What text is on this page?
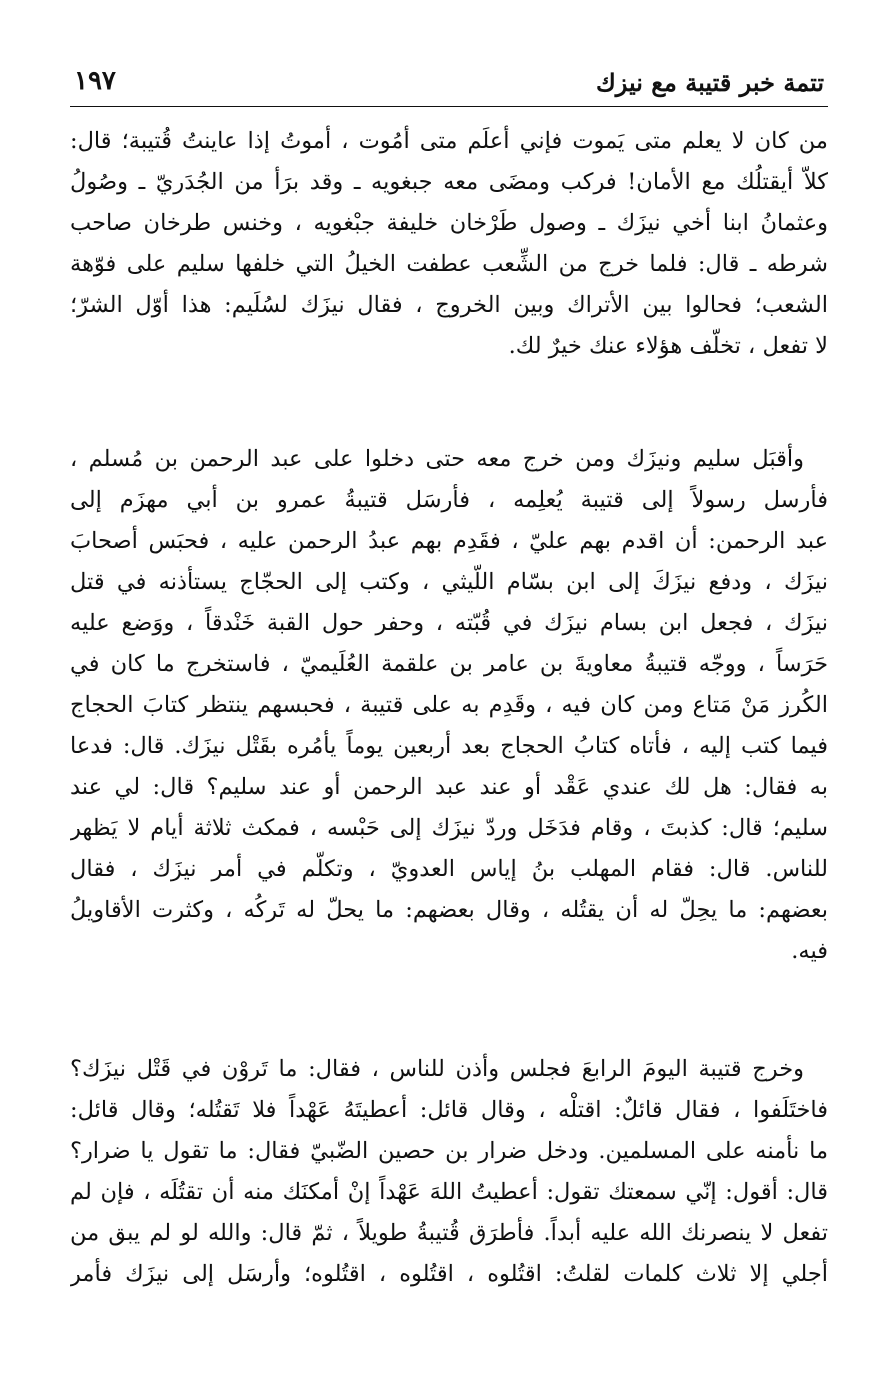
تتمة خبر قتيبة مع نيزك
١٩٧

من كان لا يعلم متى يَموت فإني أعلَم متى أمُوت ، أموتُ إذا عاينتُ قُتيبة؛ قال:

كلاّ أيقتلُك مع الأمان! فركب ومضَى معه جبغويه ـ وقد برَأ من الجُدَريّ ـ وصُولُ

وعثمانُ ابنا أخي نيزَك ـ وصول طَرْخان خليفة جبْغويه ، وخنس طرخان صاحب

شرطه ـ قال: فلما خرج من الشِّعب عطفت الخيلُ التي خلفها سليم على فوّهة

الشعب؛ فحالوا بين الأتراك وبين الخروج ، فقال نيزَك لسُلَيم: هذا أوّل الشرّ؛

لا تفعل ، تخلّف هؤلاء عنك خيرٌ لك.

وأقبَل سليم ونيزَك ومن خرج معه حتى دخلوا على عبد الرحمن بن مُسلم ،

فأرسل رسولاً إلى قتيبة يُعلِمه ، فأرسَل قتيبةُ عمرو بن أبي مهزَم إلى

عبد الرحمن: أن اقدم بهم عليّ ، فقَدِم بهم عبدُ الرحمن عليه ، فحبَس أصحابَ

نيزَك ، ودفع نيزَكَ إلى ابن بسّام اللّيثي ، وكتب إلى الحجّاج يستأذنه في قتل

نيزَك ، فجعل ابن بسام نيزَك في قُبّته ، وحفر حول القبة خَنْدقاً ، ووَضع عليه

حَرَساً ، ووجّه قتيبةُ معاويةَ بن عامر بن علقمة العُلَيميّ ، فاستخرج ما كان في

الكُرز مَنْ مَتاع ومن كان فيه ، وقَدِم به على قتيبة ، فحبسهم ينتظر كتابَ الحجاج

فيما كتب إليه ، فأتاه كتابُ الحجاج بعد أربعين يوماً يأمُره بقَتْل نيزَك. قال: فدعا

به فقال: هل لك عندي عَقْد أو عند عبد الرحمن أو عند سليم؟ قال: لي عند

سليم؛ قال: كذبتَ ، وقام فدَخَل وردّ نيزَك إلى حَبْسه ، فمكث ثلاثة أيام لا يَظهر

للناس. قال: فقام المهلب بنُ إياس العدويّ ، وتكلّم في أمر نيزَك ، فقال

بعضهم: ما يحِلّ له أن يقتُله ، وقال بعضهم: ما يحلّ له تَركُه ، وكثرت الأقاويلُ

فيه.

وخرج قتيبة اليومَ الرابعَ فجلس وأذن للناس ، فقال: ما تَروْن في قَتْل نيزَك؟

فاختَلَفوا ، فقال قائلٌ: اقتلْه ، وقال قائل: أعطيتَهُ عَهْداً فلا تَقتُله؛ وقال قائل:

ما نأمنه على المسلمين. ودخل ضرار بن حصين الضّبيّ فقال: ما تقول يا ضرار؟

قال: أقول: إنّي سمعتك تقول: أعطيتُ اللهَ عَهْداً إنْ أمكنَك منه أن تقتُلَه ، فإن لم

تفعل لا ينصرنك الله عليه أبداً. فأطرَق قُتيبةُ طويلاً ، ثمّ قال: والله لو لم يبق من

أجلي إلا ثلاث كلمات لقلتُ: اقتُلوه ، اقتُلوه ، اقتُلوه؛ وأرسَل إلى نيزَك فأمر
